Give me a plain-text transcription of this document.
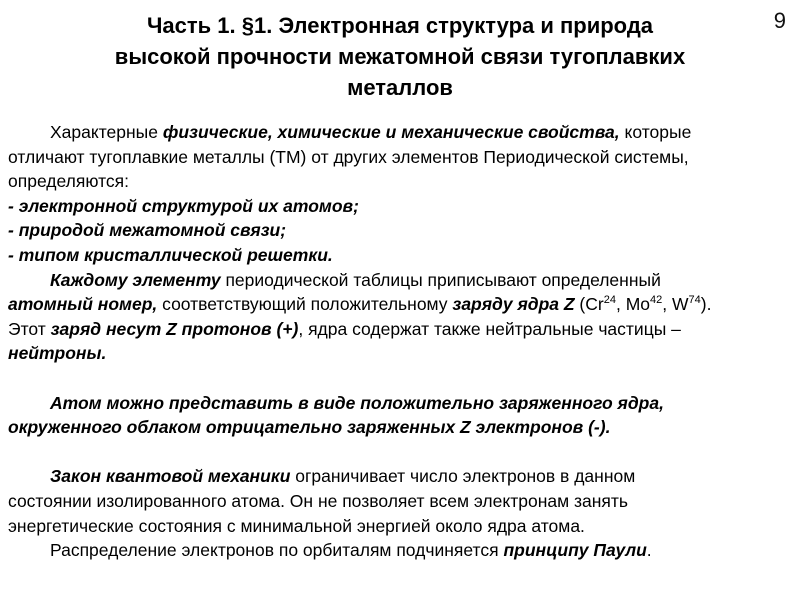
9
Часть 1. §1. Электронная структура и природа
высокой прочности межатомной связи тугоплавких
металлов
Характерные физические, химические и механические свойства, которые
отличают тугоплавкие металлы (ТМ) от других элементов Периодической системы,
определяются:
- электронной структурой их атомов;
- природой межатомной связи;
- типом кристаллической решетки.
Каждому элементу периодической таблицы приписывают определенный
атомный номер, соответствующий положительному заряду ядра Z (Cr$^{24}$, Mo$^{42}$, $W^{74}$).
Этот заряд несут Z протонов (+), ядра содержат также нейтральные частицы –
нейтроны.
Атом можно представить в виде положительно заряженного ядра,
окруженного облаком отрицательно заряженных Z электронов (-).
Закон квантовой механики ограничивает число электронов в данном
состоянии изолированного атома. Он не позволяет всем электронам занять
энергетические состояния с минимальной энергией около ядра атома.
Распределение электронов по орбиталям подчиняется принципу Паули.
